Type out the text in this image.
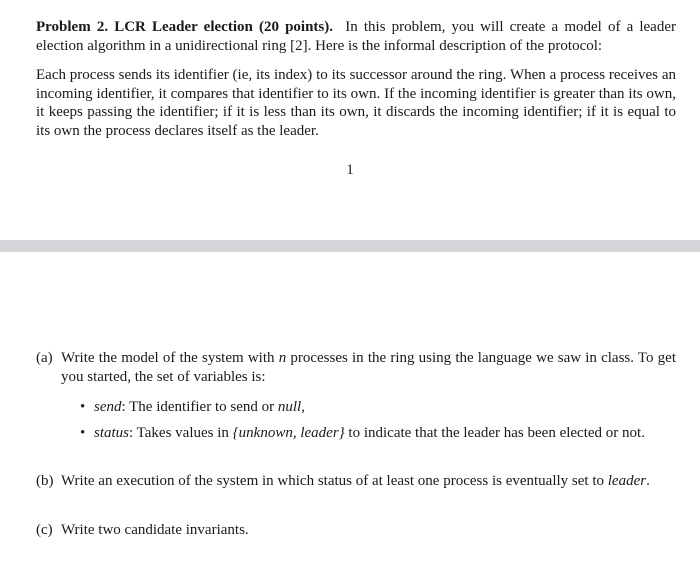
Problem 2. LCR Leader election (20 points). In this problem, you will create a model of a leader election algorithm in a unidirectional ring [2]. Here is the informal description of the protocol:

Each process sends its identifier (ie, its index) to its successor around the ring. When a process receives an incoming identifier, it compares that identifier to its own. If the incoming identifier is greater than its own, it keeps passing the identifier; if it is less than its own, it discards the incoming identifier; if it is equal to its own the process declares itself as the leader.

1
(a) Write the model of the system with n processes in the ring using the language we saw in class. To get you started, the set of variables is:
• send: The identifier to send or null,
• status: Takes values in {unknown, leader} to indicate that the leader has been elected or not.
(b) Write an execution of the system in which status of at least one process is eventually set to leader.
(c) Write two candidate invariants.
